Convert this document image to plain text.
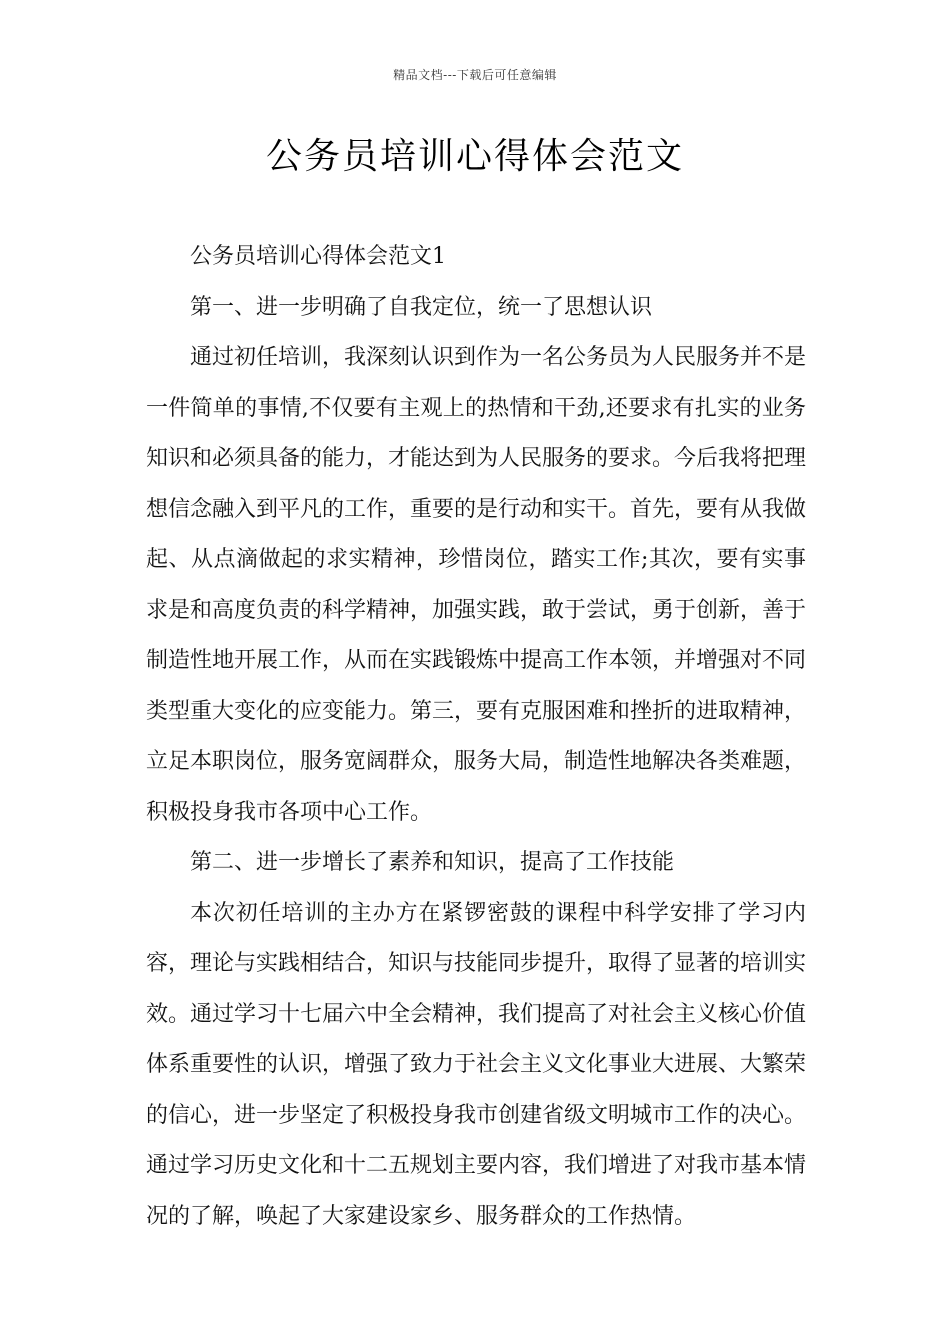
精品文档---下载后可任意编辑
公务员培训心得体会范文

公务员培训心得体会范文1

第一、进一步明确了自我定位，统一了思想认识

通过初任培训，我深刻认识到作为一名公务员为人民服务并不是一件简单的事情,不仅要有主观上的热情和干劲,还要求有扎实的业务知识和必须具备的能力，才能达到为人民服务的要求。今后我将把理想信念融入到平凡的工作，重要的是行动和实干。首先，要有从我做起、从点滴做起的求实精神，珍惜岗位，踏实工作;其次，要有实事求是和高度负责的科学精神，加强实践，敢于尝试，勇于创新，善于制造性地开展工作，从而在实践锻炼中提高工作本领，并增强对不同类型重大变化的应变能力。第三，要有克服困难和挫折的进取精神，立足本职岗位，服务宽阔群众，服务大局，制造性地解决各类难题，积极投身我市各项中心工作。

第二、进一步增长了素养和知识，提高了工作技能

本次初任培训的主办方在紧锣密鼓的课程中科学安排了学习内容，理论与实践相结合，知识与技能同步提升，取得了显著的培训实效。通过学习十七届六中全会精神，我们提高了对社会主义核心价值体系重要性的认识，增强了致力于社会主义文化事业大进展、大繁荣的信心，进一步坚定了积极投身我市创建省级文明城市工作的决心。通过学习历史文化和十二五规划主要内容，我们增进了对我市基本情况的了解，唤起了大家建设家乡、服务群众的工作热情。
